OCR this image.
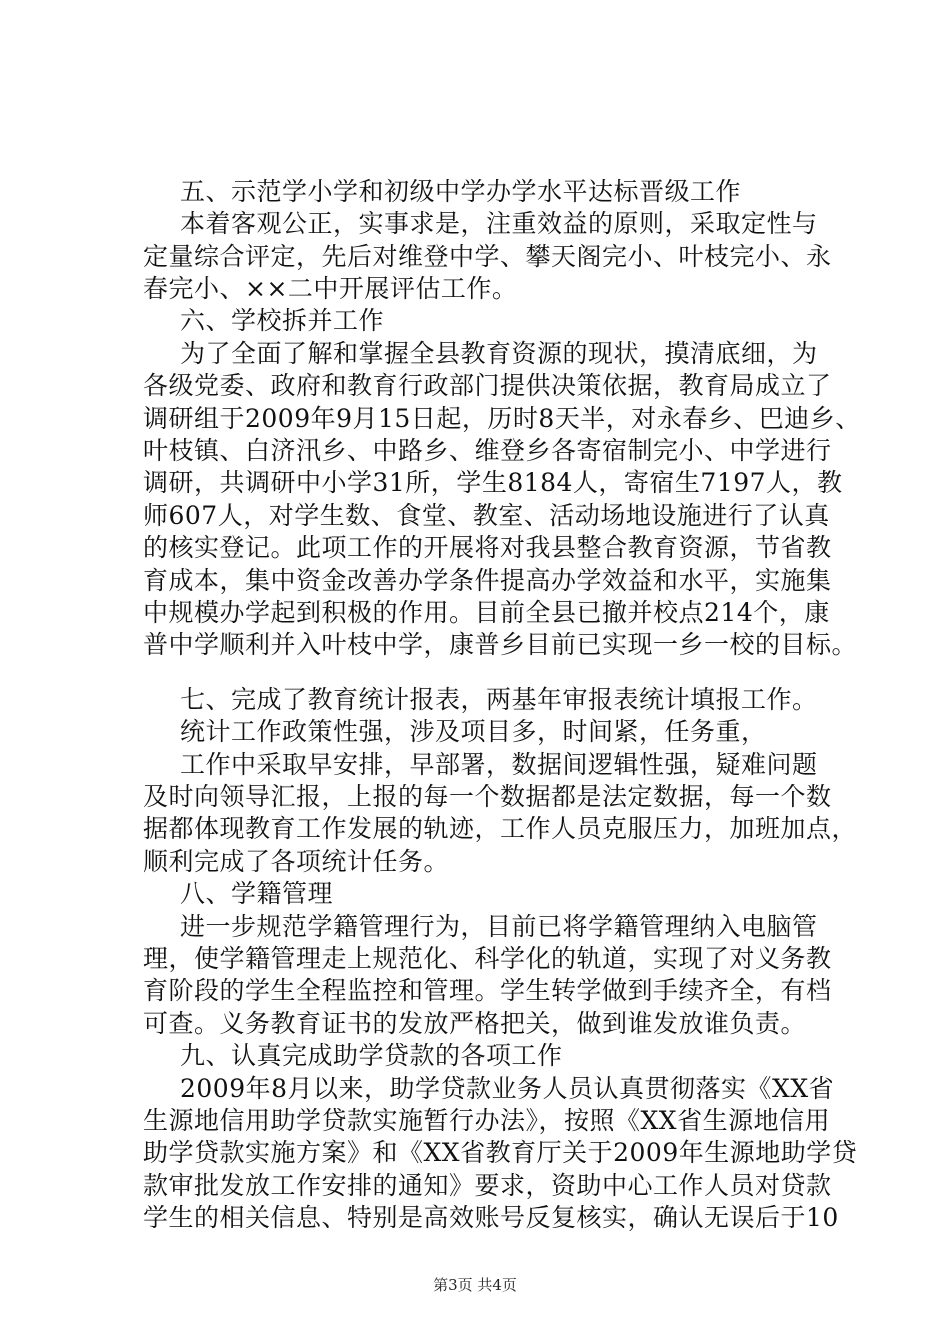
五、示范学小学和初级中学办学水平达标晋级工作
本着客观公正，实事求是，注重效益的原则，采取定性与
定量综合评定，先后对维登中学、攀天阁完小、叶枝完小、永
春完小、××二中开展评估工作。
六、学校拆并工作
为了全面了解和掌握全县教育资源的现状，摸清底细，为
各级党委、政府和教育行政部门提供决策依据，教育局成立了
调研组于2009年9月15日起，历时8天半，对永春乡、巴迪乡、
叶枝镇、白济汛乡、中路乡、维登乡各寄宿制完小、中学进行
调研，共调研中小学31所，学生8184人，寄宿生7197人，教
师607人，对学生数、食堂、教室、活动场地设施进行了认真
的核实登记。此项工作的开展将对我县整合教育资源，节省教
育成本，集中资金改善办学条件提高办学效益和水平，实施集
中规模办学起到积极的作用。目前全县已撤并校点214个，康
普中学顺利并入叶枝中学，康普乡目前已实现一乡一校的目标。
七、完成了教育统计报表，两基年审报表统计填报工作。
统计工作政策性强，涉及项目多，时间紧，任务重，
工作中采取早安排，早部署，数据间逻辑性强，疑难问题
及时向领导汇报，上报的每一个数据都是法定数据，每一个数
据都体现教育工作发展的轨迹，工作人员克服压力，加班加点，
顺利完成了各项统计任务。
八、学籍管理
进一步规范学籍管理行为，目前已将学籍管理纳入电脑管
理，使学籍管理走上规范化、科学化的轨道，实现了对义务教
育阶段的学生全程监控和管理。学生转学做到手续齐全，有档
可查。义务教育证书的发放严格把关，做到谁发放谁负责。
九、认真完成助学贷款的各项工作
2009年8月以来，助学贷款业务人员认真贯彻落实《XX省
生源地信用助学贷款实施暂行办法》，按照《XX省生源地信用
助学贷款实施方案》和《XX省教育厅关于2009年生源地助学贷
款审批发放工作安排的通知》要求，资助中心工作人员对贷款
学生的相关信息、特别是高效账号反复核实，确认无误后于10
第3页 共4页
